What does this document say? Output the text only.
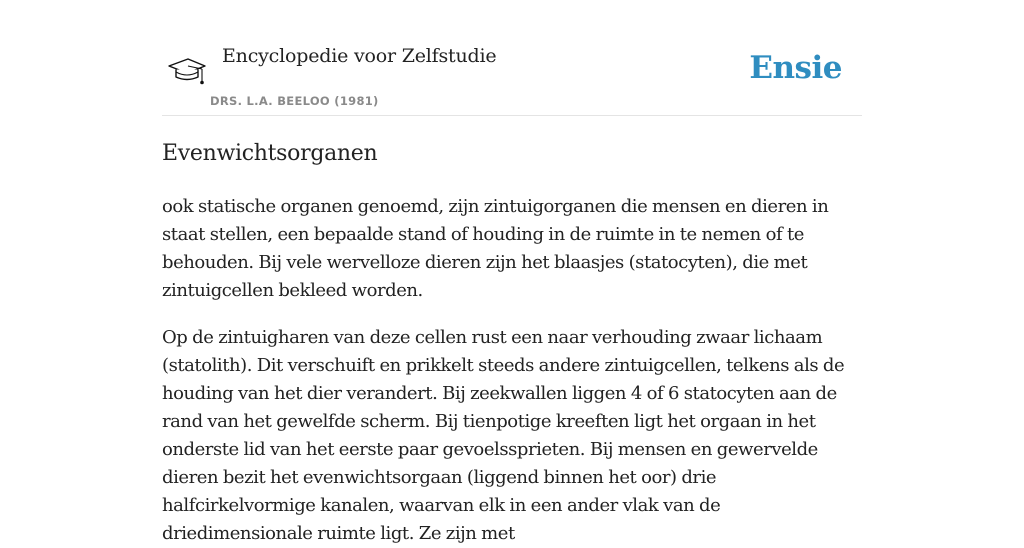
Encyclopedie voor Zelfstudie
DRS. L.A. BEELOO (1981)
Ensie
Evenwichtsorganen

ook statische organen genoemd, zijn zintuigorganen die mensen en dieren in staat stellen, een bepaalde stand of houding in de ruimte in te nemen of te behouden. Bij vele wervelloze dieren zijn het blaasjes (statocyten), die met zintuigcellen bekleed worden.

Op de zintuigharen van deze cellen rust een naar verhouding zwaar lichaam (statolith). Dit verschuift en prikkelt steeds andere zintuigcellen, telkens als de houding van het dier verandert. Bij zeekwallen liggen 4 of 6 statocyten aan de rand van het gewelfde scherm. Bij tienpotige kreeften ligt het orgaan in het onderste lid van het eerste paar gevoelssprieten. Bij mensen en gewervelde dieren bezit het evenwichtsorgaan (liggend binnen het oor) drie halfcirkelvormige kanalen, waarvan elk in een ander vlak van de driedimensionale ruimte ligt. Ze zijn met
